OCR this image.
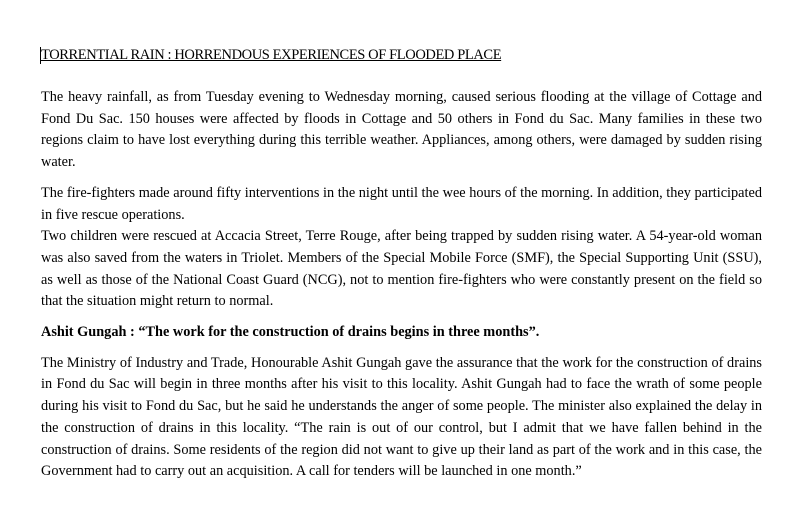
TORRENTIAL RAIN : HORRENDOUS EXPERIENCES OF FLOODED PLACE

The heavy rainfall, as from Tuesday evening to Wednesday morning, caused serious flooding at the village of Cottage and Fond Du Sac. 150 houses were affected by floods in Cottage and 50 others in Fond du Sac. Many families in these two regions claim to have lost everything during this terrible weather. Appliances, among others, were damaged by sudden rising water.

The fire-fighters made around fifty interventions in the night until the wee hours of the morning. In addition, they participated in five rescue operations.

Two children were rescued at Accacia Street, Terre Rouge, after being trapped by sudden rising water. A 54-year-old woman was also saved from the waters in Triolet. Members of the Special Mobile Force (SMF), the Special Supporting Unit (SSU), as well as those of the National Coast Guard (NCG), not to mention fire-fighters who were constantly present on the field so that the situation might return to normal.

Ashit Gungah : “The work for the construction of drains begins in three months”.

The Ministry of Industry and Trade, Honourable Ashit Gungah gave the assurance that the work for the construction of drains in Fond du Sac will begin in three months after his visit to this locality. Ashit Gungah had to face the wrath of some people during his visit to Fond du Sac, but he said he understands the anger of some people. The minister also explained the delay in the construction of drains in this locality. “The rain is out of our control, but I admit that we have fallen behind in the construction of drains. Some residents of the region did not want to give up their land as part of the work and in this case, the Government had to carry out an acquisition. A call for tenders will be launched in one month.”
